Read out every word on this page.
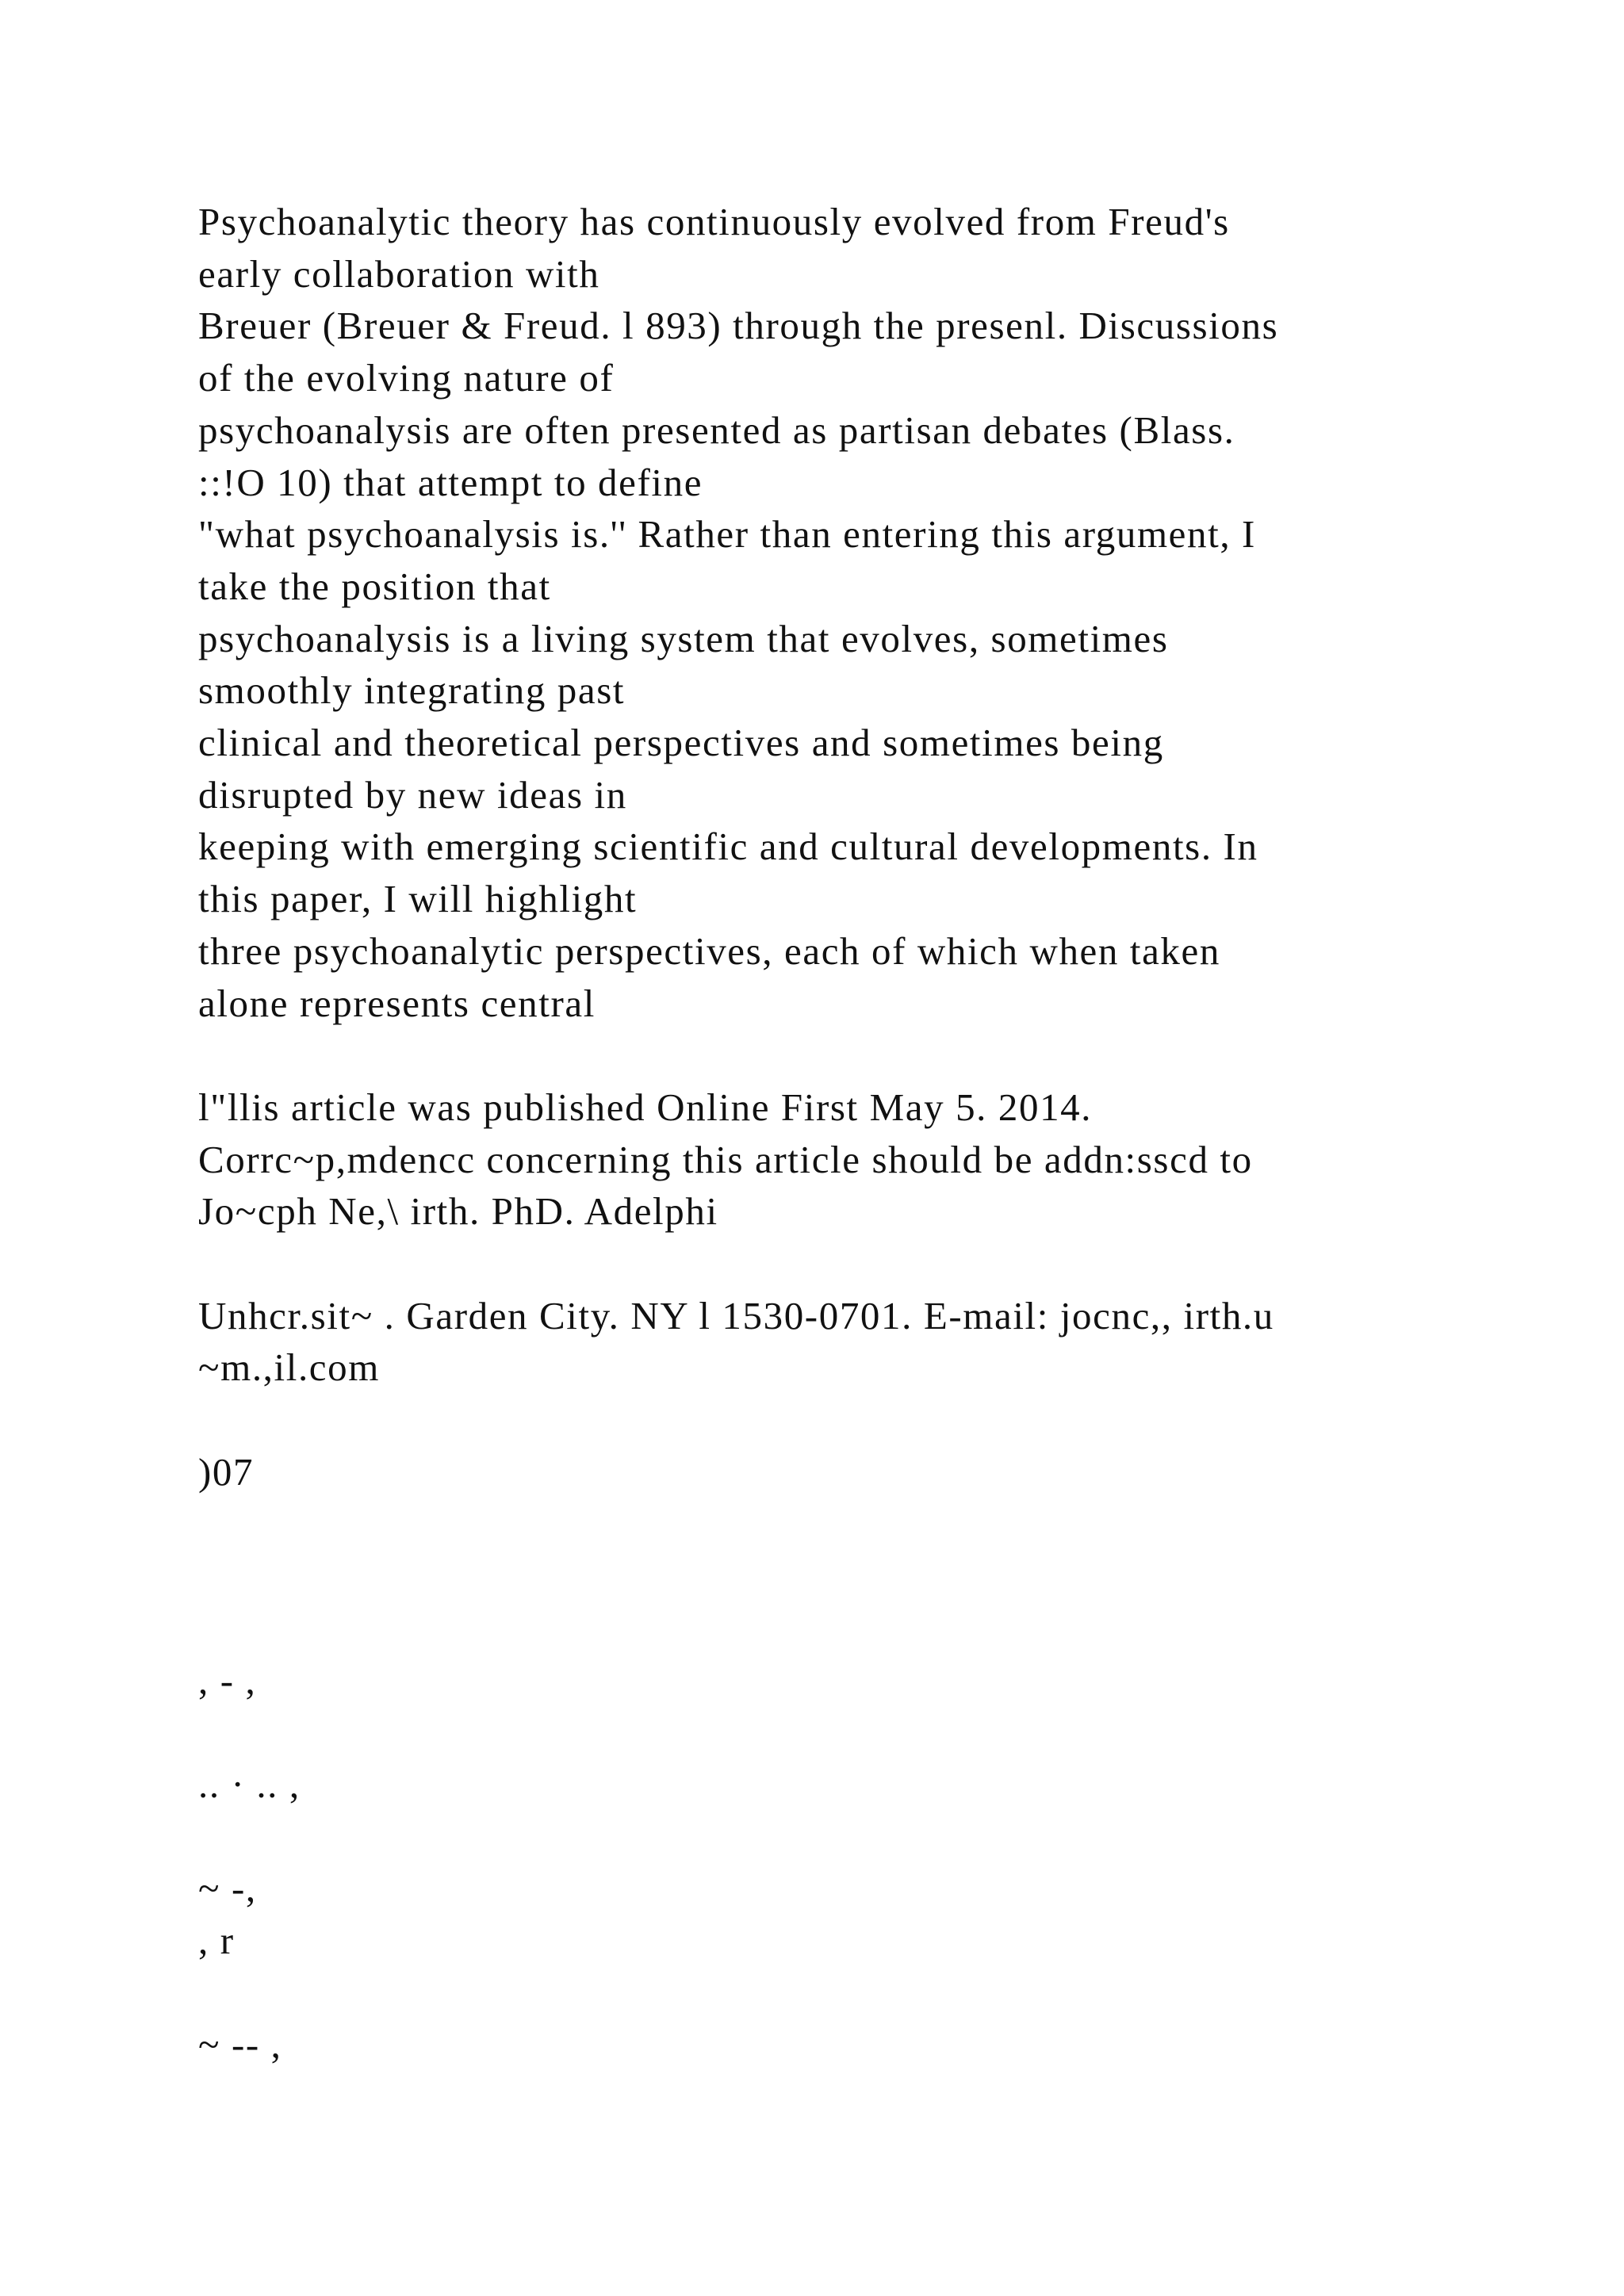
Psychoanalytic theory has continuously evolved from Freud's
early collaboration with
Breuer (Breuer & Freud. l 893) through the presenl. Discussions
of the evolving nature of
psychoanalysis are often presented as partisan debates (Blass.
::!O 10) that attempt to define
"what psychoanalysis is.'' Rather than entering this argument, I
take the position that
psychoanalysis is a living system that evolves, sometimes
smoothly integrating past
clinical and theoretical perspectives and sometimes being
disrupted by new ideas in
keeping with emerging scientific and cultural developments. In
this paper, I will highlight
three psychoanalytic perspectives, each of which when taken
alone represents central
l"llis article was published Online First May 5. 2014.
Corrc~p,mdencc concerning this article should be addn:sscd to
Jo~cph Ne,\ irth. PhD. Adelphi
Unhcr.sit~ . Garden City. NY l 1530-0701. E-mail: jocnc,, irth.u
~m.,il.com
)07
, - ,
.. · .. ,
~ -,
, r
~ -- ,
